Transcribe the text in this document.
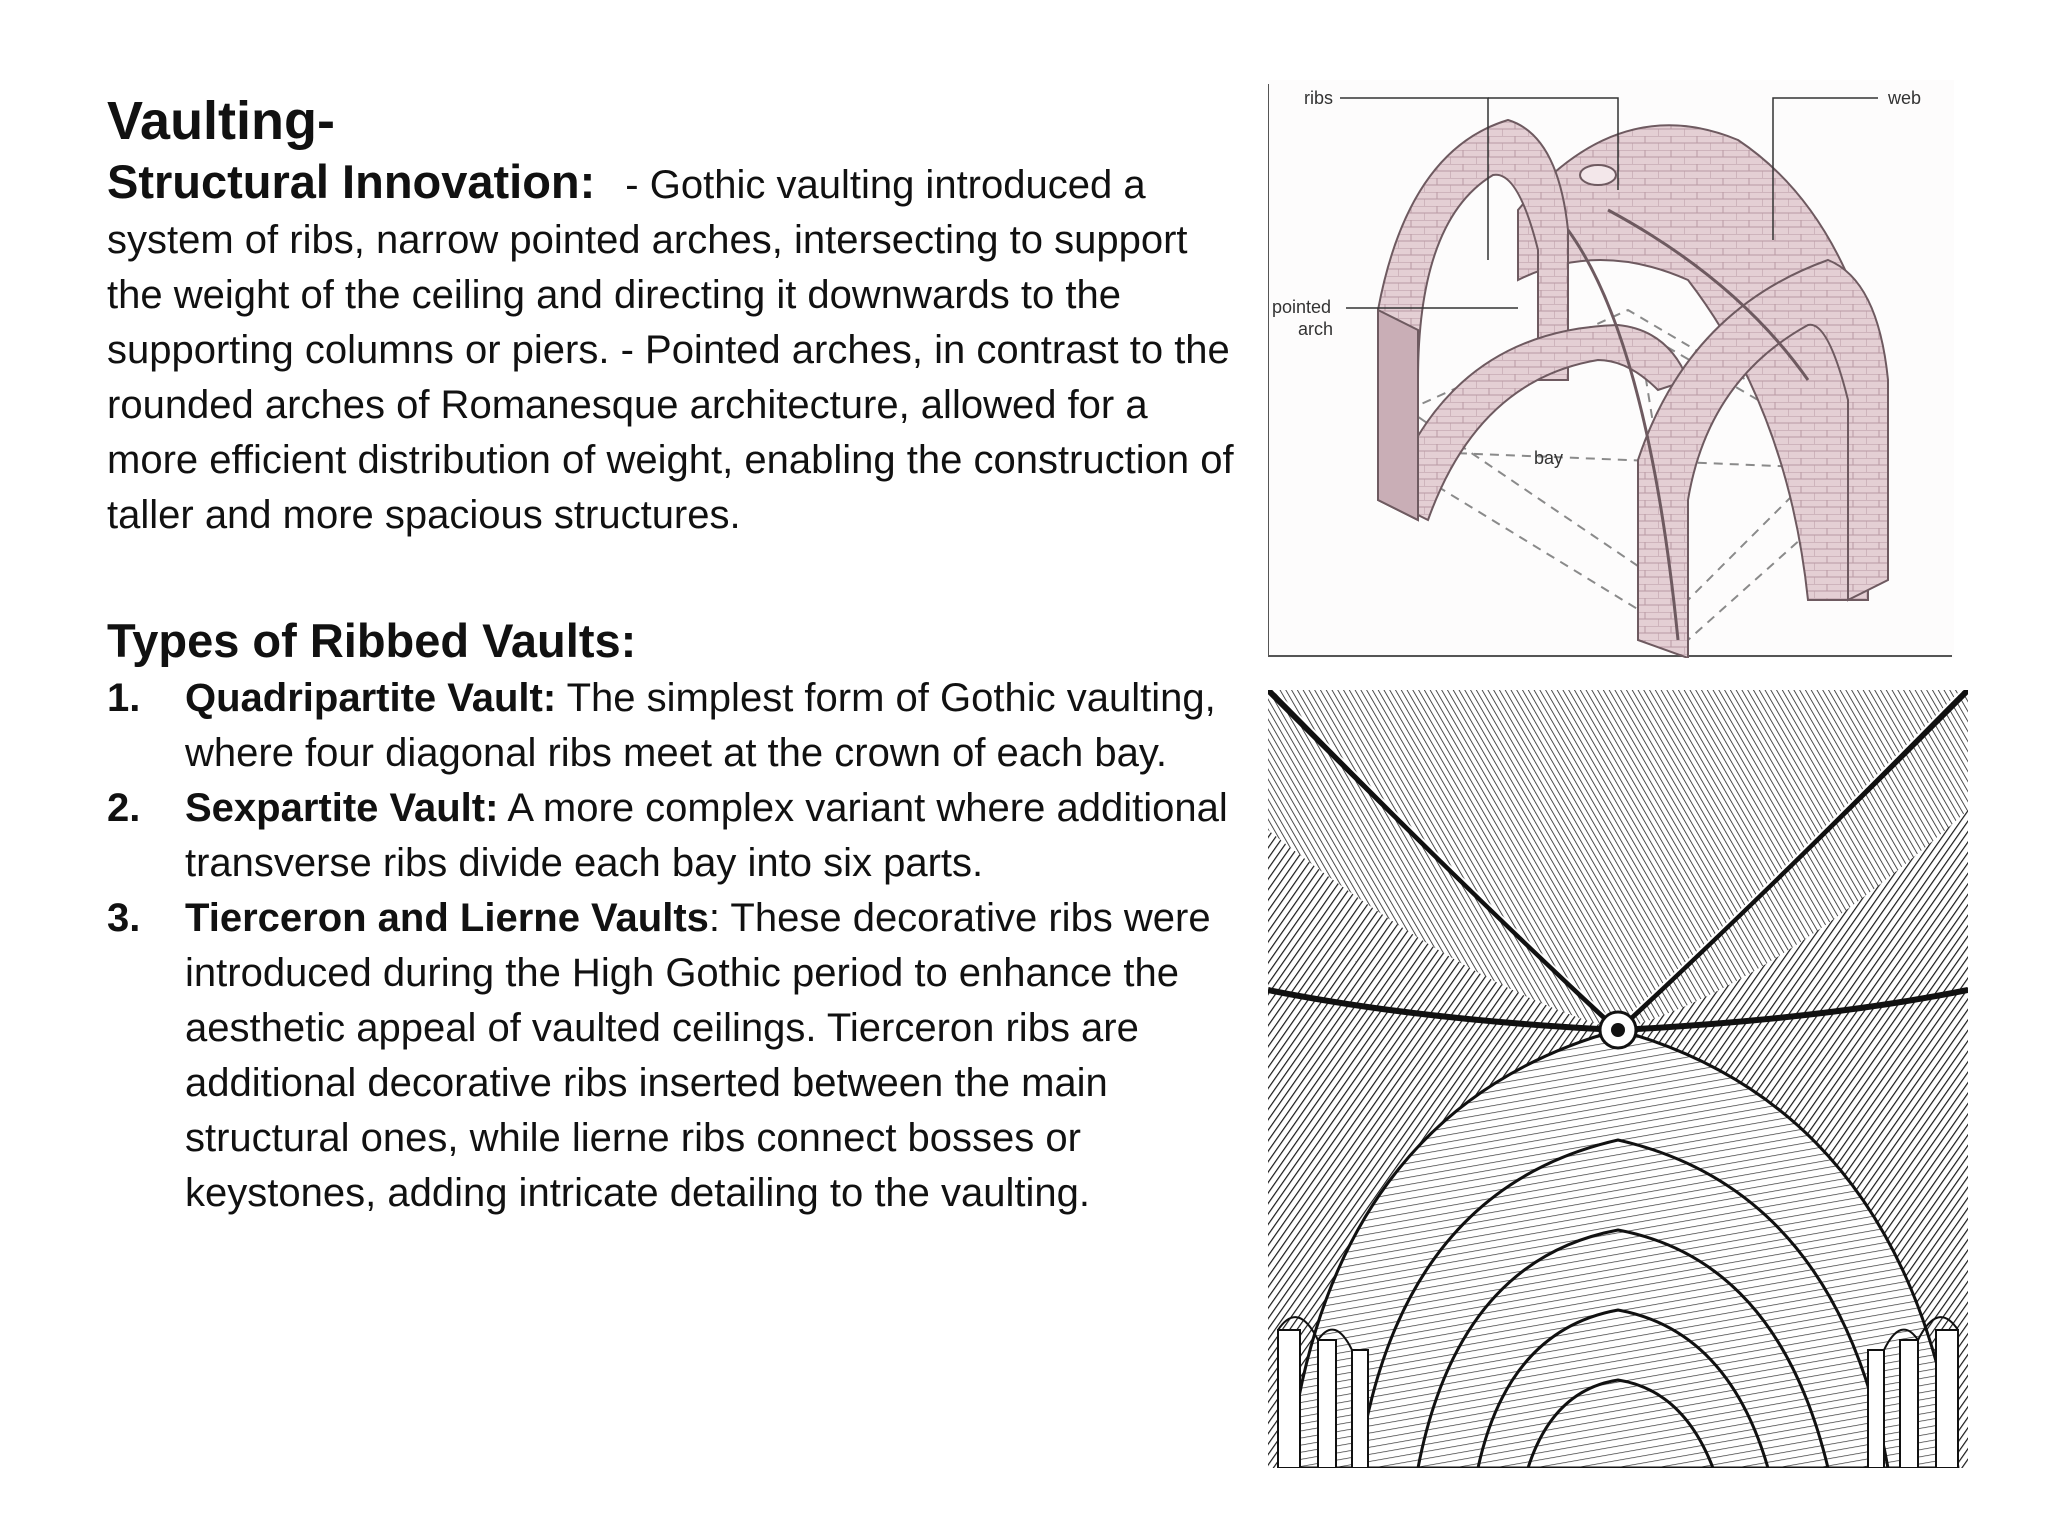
Vaulting-

Structural Innovation: - Gothic vaulting introduced a system of ribs, narrow pointed arches, intersecting to support the weight of the ceiling and directing it downwards to the supporting columns or piers. - Pointed arches, in contrast to the rounded arches of Romanesque architecture, allowed for a more efficient distribution of weight, enabling the construction of taller and more spacious structures.

Types of Ribbed Vaults:
1. Quadripartite Vault: The simplest form of Gothic vaulting, where four diagonal ribs meet at the crown of each bay.
2. Sexpartite Vault: A more complex variant where additional transverse ribs divide each bay into six parts.
3. Tierceron and Lierne Vaults: These decorative ribs were introduced during the High Gothic period to enhance the aesthetic appeal of vaulted ceilings. Tierceron ribs are additional decorative ribs inserted between the main structural ones, while lierne ribs connect bosses or keystones, adding intricate detailing to the vaulting.
ribs	web
pointed
arch
bay
